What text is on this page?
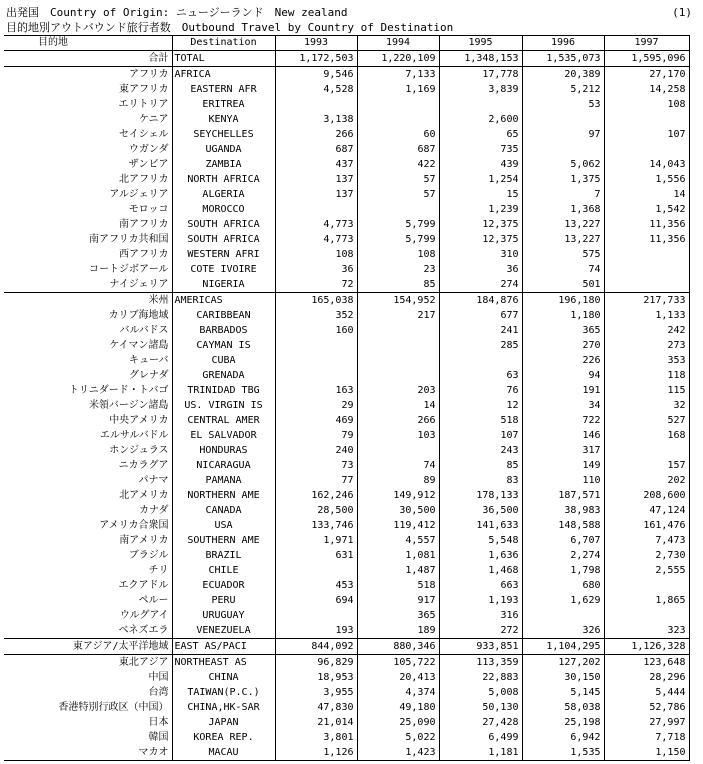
出発国　Country of Origin: ニュージーランド　New zealand	(1)
目的地別アウトバウンド旅行者数　Outbound Travel by Country of Destination
目的地	Destination	1993	1994	1995	1996	1997
合計	TOTAL	1,172,503	1,220,109	1,348,153	1,535,073	1,595,096
アフリカ	AFRICA	9,546	7,133	17,778	20,389	27,170
東アフリカ	EASTERN AFR	4,528	1,169	3,839	5,212	14,258
エリトリア	ERITREA				53	108
ケニア	KENYA	3,138		2,600		
セイシェル	SEYCHELLES	266	60	65	97	107
ウガンダ	UGANDA	687	687	735		
ザンビア	ZAMBIA	437	422	439	5,062	14,043
北アフリカ	NORTH AFRICA	137	57	1,254	1,375	1,556
アルジェリア	ALGERIA	137	57	15	7	14
モロッコ	MOROCCO			1,239	1,368	1,542
南アフリカ	SOUTH AFRICA	4,773	5,799	12,375	13,227	11,356
南アフリカ共和国	SOUTH AFRICA	4,773	5,799	12,375	13,227	11,356
西アフリカ	WESTERN AFRI	108	108	310	575	
コートジボアール	COTE IVOIRE	36	23	36	74	
ナイジェリア	NIGERIA	72	85	274	501	
米州	AMERICAS	165,038	154,952	184,876	196,180	217,733
カリブ海地域	CARIBBEAN	352	217	677	1,180	1,133
バルバドス	BARBADOS	160		241	365	242
ケイマン諸島	CAYMAN IS			285	270	273
キューバ	CUBA				226	353
グレナダ	GRENADA			63	94	118
トリニダード・トバゴ	TRINIDAD TBG	163	203	76	191	115
米領バージン諸島	US. VIRGIN IS	29	14	12	34	32
中央アメリカ	CENTRAL AMER	469	266	518	722	527
エルサルバドル	EL SALVADOR	79	103	107	146	168
ホンジュラス	HONDURAS	240		243	317	
ニカラグア	NICARAGUA	73	74	85	149	157
パナマ	PAMANA	77	89	83	110	202
北アメリカ	NORTHERN AME	162,246	149,912	178,133	187,571	208,600
カナダ	CANADA	28,500	30,500	36,500	38,983	47,124
アメリカ合衆国	USA	133,746	119,412	141,633	148,588	161,476
南アメリカ	SOUTHERN AME	1,971	4,557	5,548	6,707	7,473
ブラジル	BRAZIL	631	1,081	1,636	2,274	2,730
チリ	CHILE		1,487	1,468	1,798	2,555
エクアドル	ECUADOR	453	518	663	680	
ペルー	PERU	694	917	1,193	1,629	1,865
ウルグアイ	URUGUAY		365	316		
ベネズエラ	VENEZUELA	193	189	272	326	323
東アジア/太平洋地域	EAST AS/PACI	844,092	880,346	933,851	1,104,295	1,126,328
東北アジア	NORTHEAST AS	96,829	105,722	113,359	127,202	123,648
中国	CHINA	18,953	20,413	22,883	30,150	28,296
台湾	TAIWAN(P.C.)	3,955	4,374	5,008	5,145	5,444
香港特別行政区（中国）	CHINA,HK-SAR	47,830	49,180	50,130	58,038	52,786
日本	JAPAN	21,014	25,090	27,428	25,198	27,997
韓国	KOREA REP.	3,801	5,022	6,499	6,942	7,718
マカオ	MACAU	1,126	1,423	1,181	1,535	1,150
